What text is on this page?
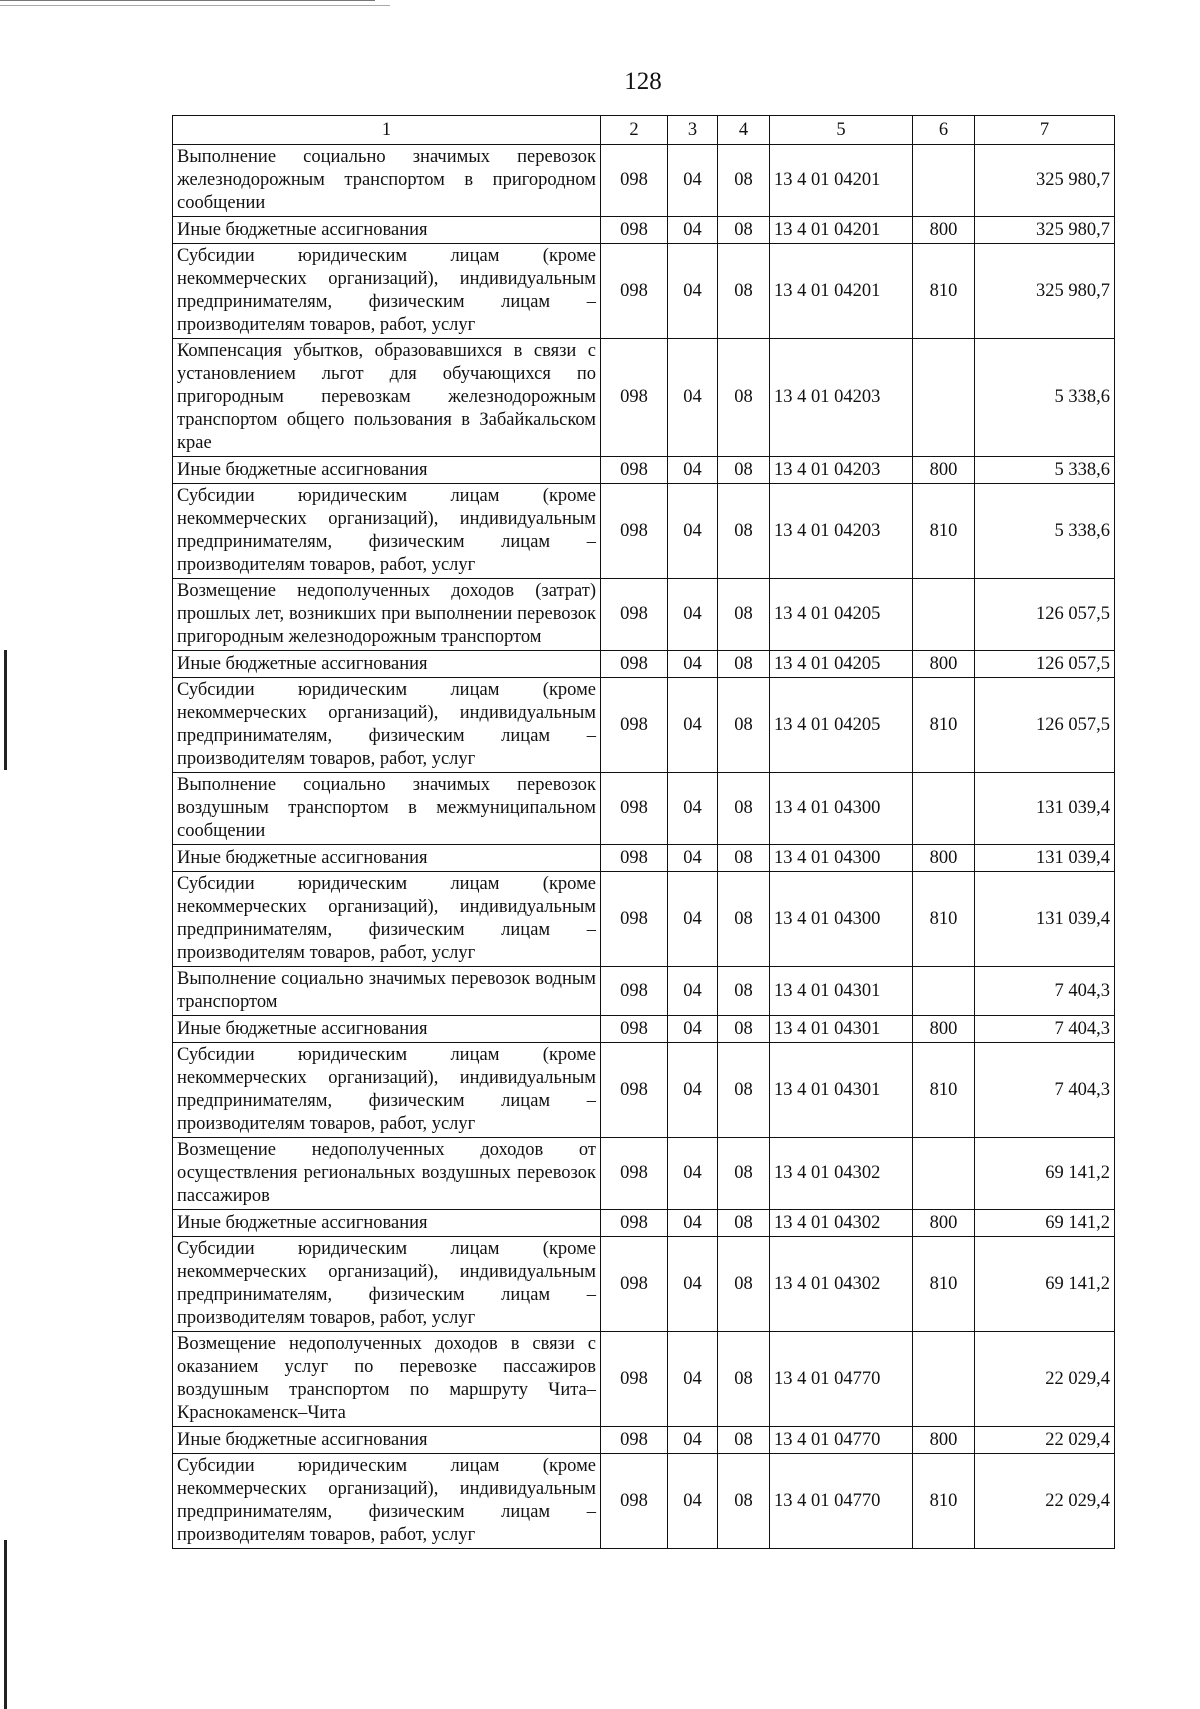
128
1	2	3	4	5	6	7
Выполнение социально значимых перевозок железнодорожным транспортом в пригородном сообщении	098	04	08	13 4 01 04201		325 980,7
Иные бюджетные ассигнования	098	04	08	13 4 01 04201	800	325 980,7
Субсидии юридическим лицам (кроме некоммерческих организаций), индивидуальным предпринимателям, физическим лицам – производителям товаров, работ, услуг	098	04	08	13 4 01 04201	810	325 980,7
Компенсация убытков, образовавшихся в связи с установлением льгот для обучающихся по пригородным перевозкам железнодорожным транспортом общего пользования в Забайкальском крае	098	04	08	13 4 01 04203		5 338,6
Иные бюджетные ассигнования	098	04	08	13 4 01 04203	800	5 338,6
Субсидии юридическим лицам (кроме некоммерческих организаций), индивидуальным предпринимателям, физическим лицам – производителям товаров, работ, услуг	098	04	08	13 4 01 04203	810	5 338,6
Возмещение недополученных доходов (затрат) прошлых лет, возникших при выполнении перевозок пригородным железнодорожным транспортом	098	04	08	13 4 01 04205		126 057,5
Иные бюджетные ассигнования	098	04	08	13 4 01 04205	800	126 057,5
Субсидии юридическим лицам (кроме некоммерческих организаций), индивидуальным предпринимателям, физическим лицам – производителям товаров, работ, услуг	098	04	08	13 4 01 04205	810	126 057,5
Выполнение социально значимых перевозок воздушным транспортом в межмуниципальном сообщении	098	04	08	13 4 01 04300		131 039,4
Иные бюджетные ассигнования	098	04	08	13 4 01 04300	800	131 039,4
Субсидии юридическим лицам (кроме некоммерческих организаций), индивидуальным предпринимателям, физическим лицам – производителям товаров, работ, услуг	098	04	08	13 4 01 04300	810	131 039,4
Выполнение социально значимых перевозок водным транспортом	098	04	08	13 4 01 04301		7 404,3
Иные бюджетные ассигнования	098	04	08	13 4 01 04301	800	7 404,3
Субсидии юридическим лицам (кроме некоммерческих организаций), индивидуальным предпринимателям, физическим лицам – производителям товаров, работ, услуг	098	04	08	13 4 01 04301	810	7 404,3
Возмещение недополученных доходов от осуществления региональных воздушных перевозок пассажиров	098	04	08	13 4 01 04302		69 141,2
Иные бюджетные ассигнования	098	04	08	13 4 01 04302	800	69 141,2
Субсидии юридическим лицам (кроме некоммерческих организаций), индивидуальным предпринимателям, физическим лицам – производителям товаров, работ, услуг	098	04	08	13 4 01 04302	810	69 141,2
Возмещение недополученных доходов в связи с оказанием услуг по перевозке пассажиров воздушным транспортом по маршруту Чита–Краснокаменск–Чита	098	04	08	13 4 01 04770		22 029,4
Иные бюджетные ассигнования	098	04	08	13 4 01 04770	800	22 029,4
Субсидии юридическим лицам (кроме некоммерческих организаций), индивидуальным предпринимателям, физическим лицам – производителям товаров, работ, услуг	098	04	08	13 4 01 04770	810	22 029,4
